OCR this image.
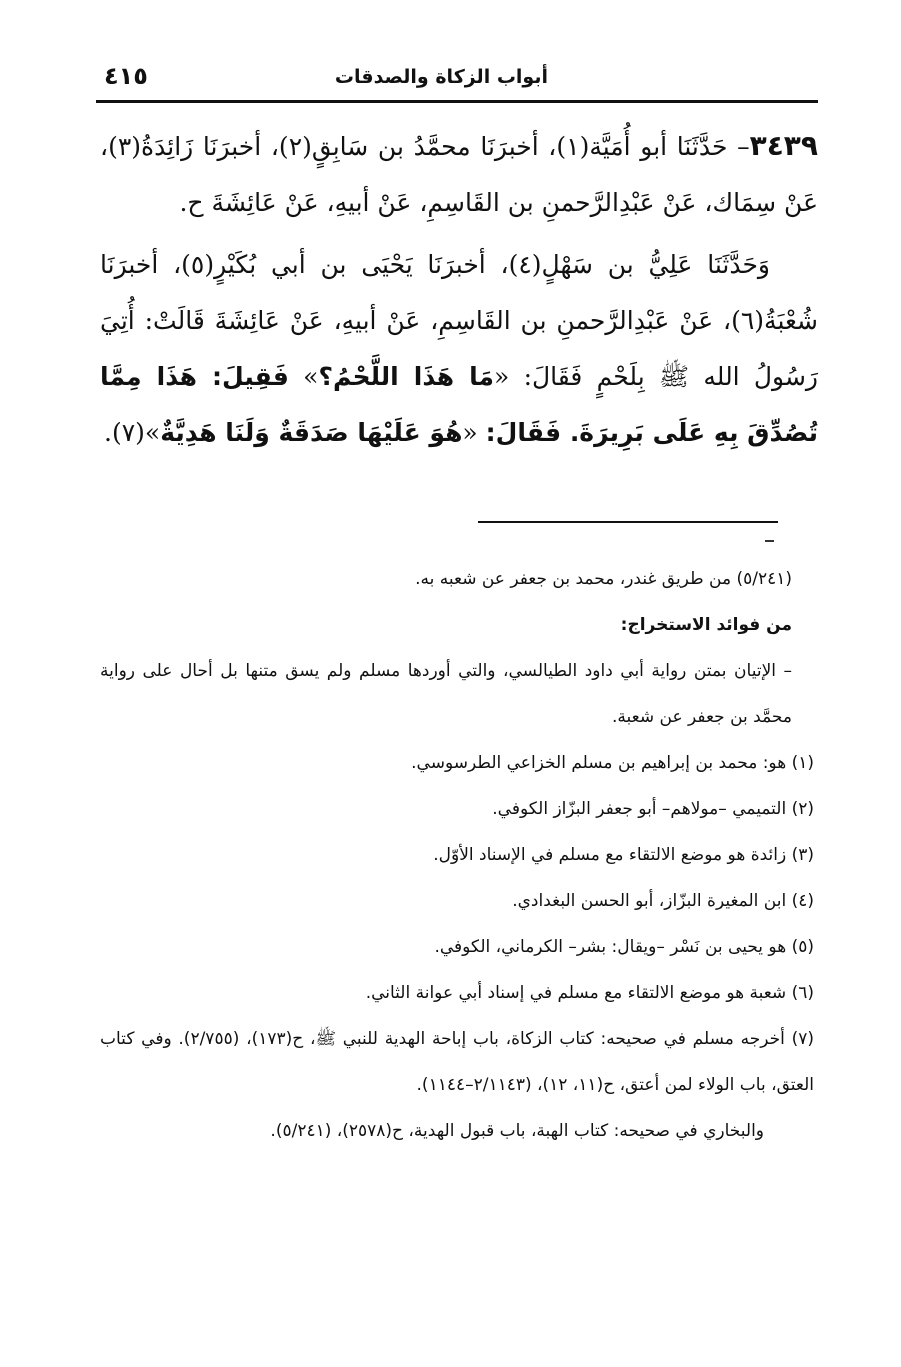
أبواب الزكاة والصدقات
٤١٥

٣٤٣٩– حَدَّثَنَا أبو أُمَيَّة(١)، أخبرَنَا محمَّدُ بن سَابِقٍ(٢)، أخبرَنَا زَائِدَةُ(٣)، عَنْ سِمَاك، عَنْ عَبْدِالرَّحمنِ بن القَاسِمِ، عَنْ أبيهِ، عَنْ عَائِشَةَ ح.

وَحَدَّثَنَا عَلِيُّ بن سَهْلٍ(٤)، أخبرَنَا يَحْيَى بن أبي بُكَيْرٍ(٥)، أخبرَنَا شُعْبَةُ(٦)، عَنْ عَبْدِالرَّحمنِ بن القَاسِمِ، عَنْ أبيهِ، عَنْ عَائِشَةَ قَالَتْ: أُتِيَ رَسُولُ الله ﷺ بِلَحْمٍ فَقَالَ: «مَا هَذَا اللَّحْمُ؟» فَقِيلَ: هَذَا مِمَّا تُصُدِّقَ بِهِ عَلَى بَرِيرَةَ. فَقَالَ: «هُوَ عَلَيْهَا صَدَقَةٌ وَلَنَا هَدِيَّةٌ»(٧).

(٥/٢٤١) من طريق غندر، محمد بن جعفر عن شعبه به.

من فوائد الاستخراج:

– الإتيان بمتن رواية أبي داود الطيالسي، والتي أوردها مسلم ولم يسق متنها بل أحال على رواية محمَّد بن جعفر عن شعبة.

(١) هو: محمد بن إبراهيم بن مسلم الخزاعي الطرسوسي.

(٢) التميمي –مولاهم– أبو جعفر البزّاز الكوفي.

(٣) زائدة هو موضع الالتقاء مع مسلم في الإسناد الأوّل.

(٤) ابن المغيرة البزّاز، أبو الحسن البغدادي.

(٥) هو يحيى بن نَسْر –ويقال: بشر– الكرماني، الكوفي.

(٦) شعبة هو موضع الالتقاء مع مسلم في إسناد أبي عوانة الثاني.

(٧) أخرجه مسلم في صحيحه: كتاب الزكاة، باب إباحة الهدية للنبي ﷺ، ح(١٧٣)، (٢/٧٥٥). وفي كتاب العتق، باب الولاء لمن أعتق، ح(١١، ١٢)، (٢/١١٤٣–١١٤٤).

والبخاري في صحيحه: كتاب الهبة، باب قبول الهدية، ح(٢٥٧٨)، (٥/٢٤١).
